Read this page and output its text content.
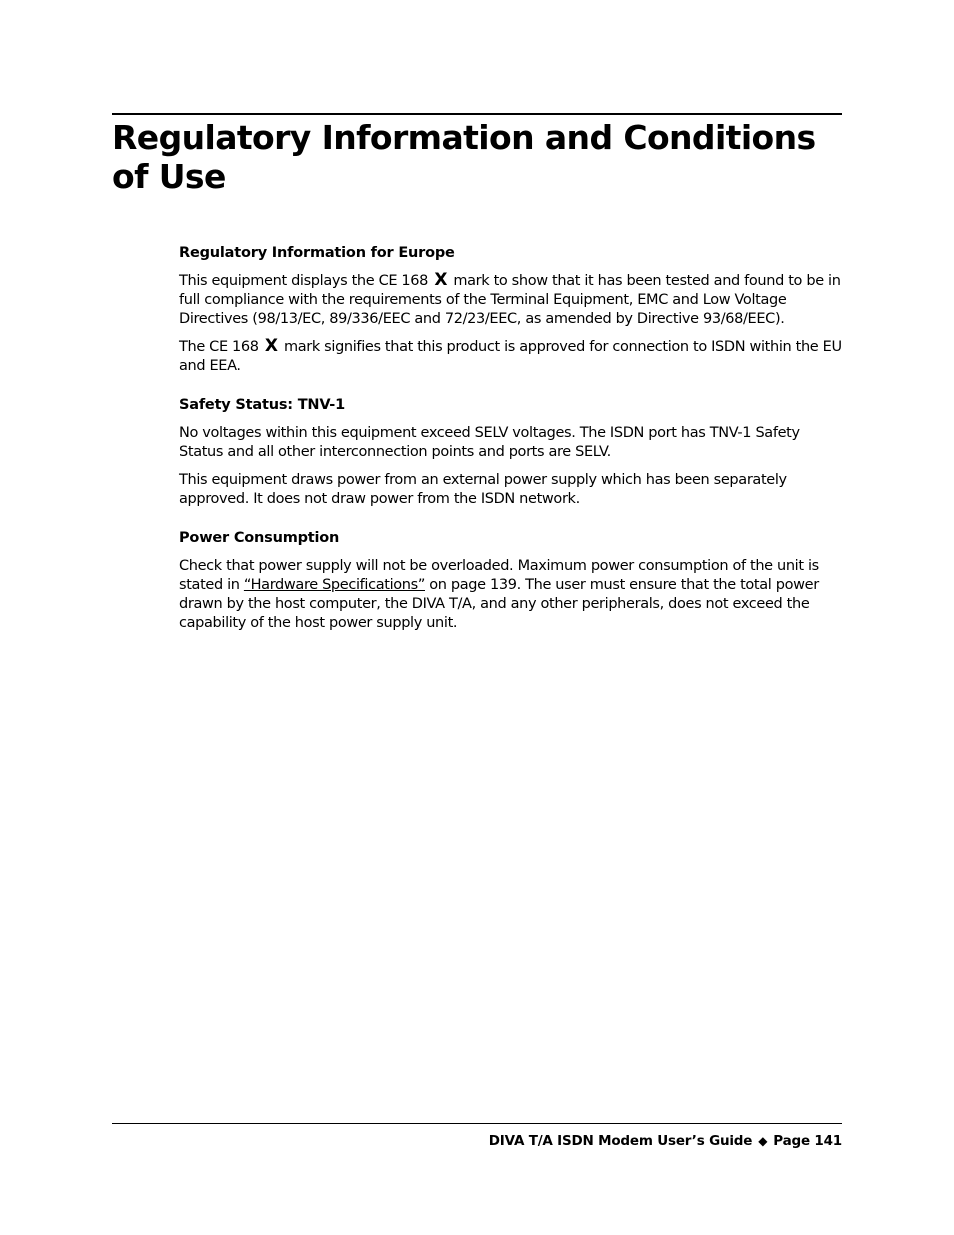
Regulatory Information and Conditions of Use
Regulatory Information for Europe

This equipment displays the CE 168 X mark to show that it has been tested and found to be in full compliance with the requirements of the Terminal Equipment, EMC and Low Voltage Directives (98/13/EC, 89/336/EEC and 72/23/EEC, as amended by Directive 93/68/EEC).

The CE 168 X mark signifies that this product is approved for connection to ISDN within the EU and EEA.

Safety Status: TNV-1

No voltages within this equipment exceed SELV voltages. The ISDN port has TNV-1 Safety Status and all other interconnection points and ports are SELV.

This equipment draws power from an external power supply which has been separately approved. It does not draw power from the ISDN network.

Power Consumption

Check that power supply will not be overloaded. Maximum power consumption of the unit is stated in “Hardware Specifications” on page 139. The user must ensure that the total power drawn by the host computer, the DIVA T/A, and any other peripherals, does not exceed the capability of the host power supply unit.

DIVA T/A ISDN Modem User’s Guide ◆ Page 141
